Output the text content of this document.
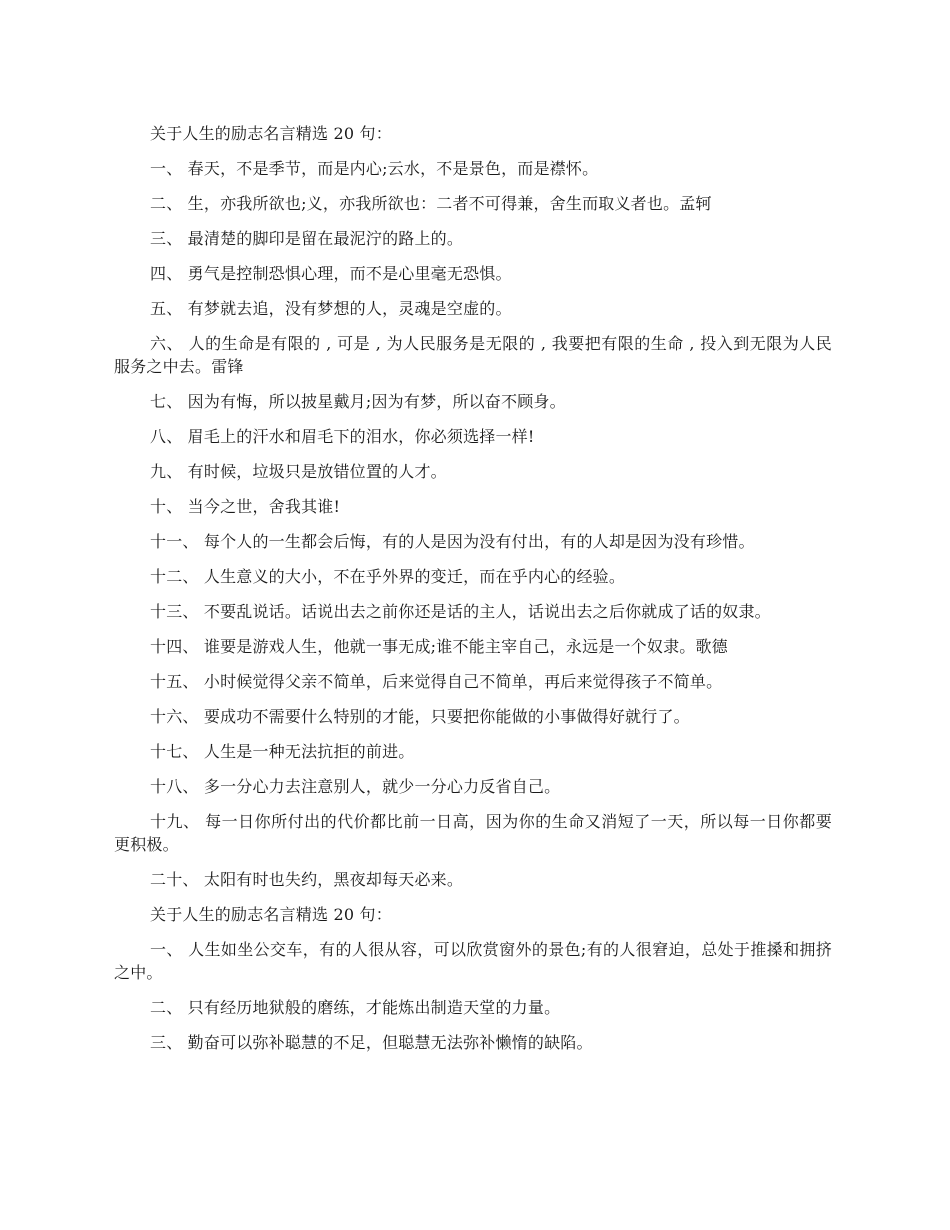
关于人生的励志名言精选 20 句：

一、 春天，不是季节，而是内心;云水，不是景色，而是襟怀。

二、 生，亦我所欲也;义，亦我所欲也：二者不可得兼，舍生而取义者也。孟轲

三、 最清楚的脚印是留在最泥泞的路上的。

四、 勇气是控制恐惧心理，而不是心里毫无恐惧。

五、 有梦就去追，没有梦想的人，灵魂是空虚的。

六、 人的生命是有限的 , 可是 , 为人民服务是无限的 , 我要把有限的生命 , 投入到无限为人民服务之中去。雷锋

七、 因为有悔，所以披星戴月;因为有梦，所以奋不顾身。

八、 眉毛上的汗水和眉毛下的泪水，你必须选择一样!

九、 有时候，垃圾只是放错位置的人才。

十、 当今之世，舍我其谁!

十一、 每个人的一生都会后悔，有的人是因为没有付出，有的人却是因为没有珍惜。

十二、 人生意义的大小，不在乎外界的变迁，而在乎内心的经验。

十三、 不要乱说话。话说出去之前你还是话的主人，话说出去之后你就成了话的奴隶。

十四、 谁要是游戏人生，他就一事无成;谁不能主宰自己，永远是一个奴隶。歌德

十五、 小时候觉得父亲不简单，后来觉得自己不简单，再后来觉得孩子不简单。

十六、 要成功不需要什么特别的才能，只要把你能做的小事做得好就行了。

十七、 人生是一种无法抗拒的前进。

十八、 多一分心力去注意别人，就少一分心力反省自己。

十九、 每一日你所付出的代价都比前一日高，因为你的生命又消短了一天，所以每一日你都要更积极。

二十、 太阳有时也失约，黑夜却每天必来。

关于人生的励志名言精选 20 句：

一、 人生如坐公交车，有的人很从容，可以欣赏窗外的景色;有的人很窘迫，总处于推搡和拥挤之中。

二、 只有经历地狱般的磨练，才能炼出制造天堂的力量。

三、 勤奋可以弥补聪慧的不足，但聪慧无法弥补懒惰的缺陷。
